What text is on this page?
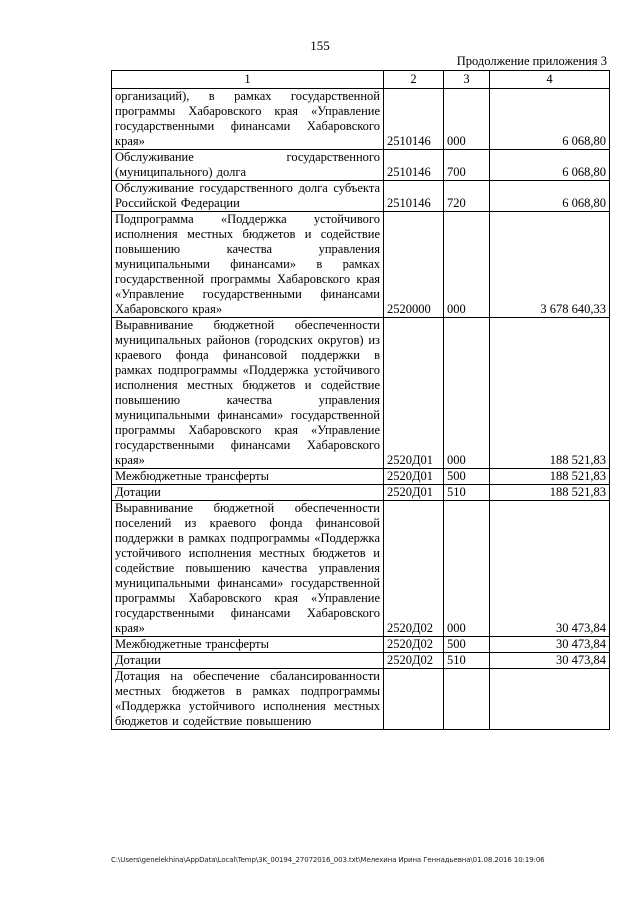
155
Продолжение приложения 3
1	2	3	4
организаций), в рамках государственной программы Хабаровского края «Управление государственными финансами Хабаровского края»	2510146	000	6 068,80
Обслуживание государственного (муниципального) долга	2510146	700	6 068,80
Обслуживание государственного долга субъекта Российской Федерации	2510146	720	6 068,80
Подпрограмма «Поддержка устойчивого исполнения местных бюджетов и содействие повышению качества управления муниципальными финансами» в рамках государственной программы Хабаровского края «Управление государственными финансами Хабаровского края»	2520000	000	3 678 640,33
Выравнивание бюджетной обеспеченности муниципальных районов (городских округов) из краевого фонда финансовой поддержки в рамках подпрограммы «Поддержка устойчивого исполнения местных бюджетов и содействие повышению качества управления муниципальными финансами» государственной программы Хабаровского края «Управление государственными финансами Хабаровского края»	2520Д01	000	188 521,83
Межбюджетные трансферты	2520Д01	500	188 521,83
Дотации	2520Д01	510	188 521,83
Выравнивание бюджетной обеспеченности поселений из краевого фонда финансовой поддержки в рамках подпрограммы «Поддержка устойчивого исполнения местных бюджетов и содействие повышению качества управления муниципальными финансами» государственной программы Хабаровского края «Управление государственными финансами Хабаровского края»	2520Д02	000	30 473,84
Межбюджетные трансферты	2520Д02	500	30 473,84
Дотации	2520Д02	510	30 473,84
Дотация на обеспечение сбалансированности местных бюджетов в рамках подпрограммы «Поддержка устойчивого исполнения местных бюджетов и содействие повышению			
C:\Users\genelekhina\AppData\Local\Temp\3K_00194_27072016_003.txt\Мелехина Ирина Геннадьевна\01.08.2016 10:19:06
